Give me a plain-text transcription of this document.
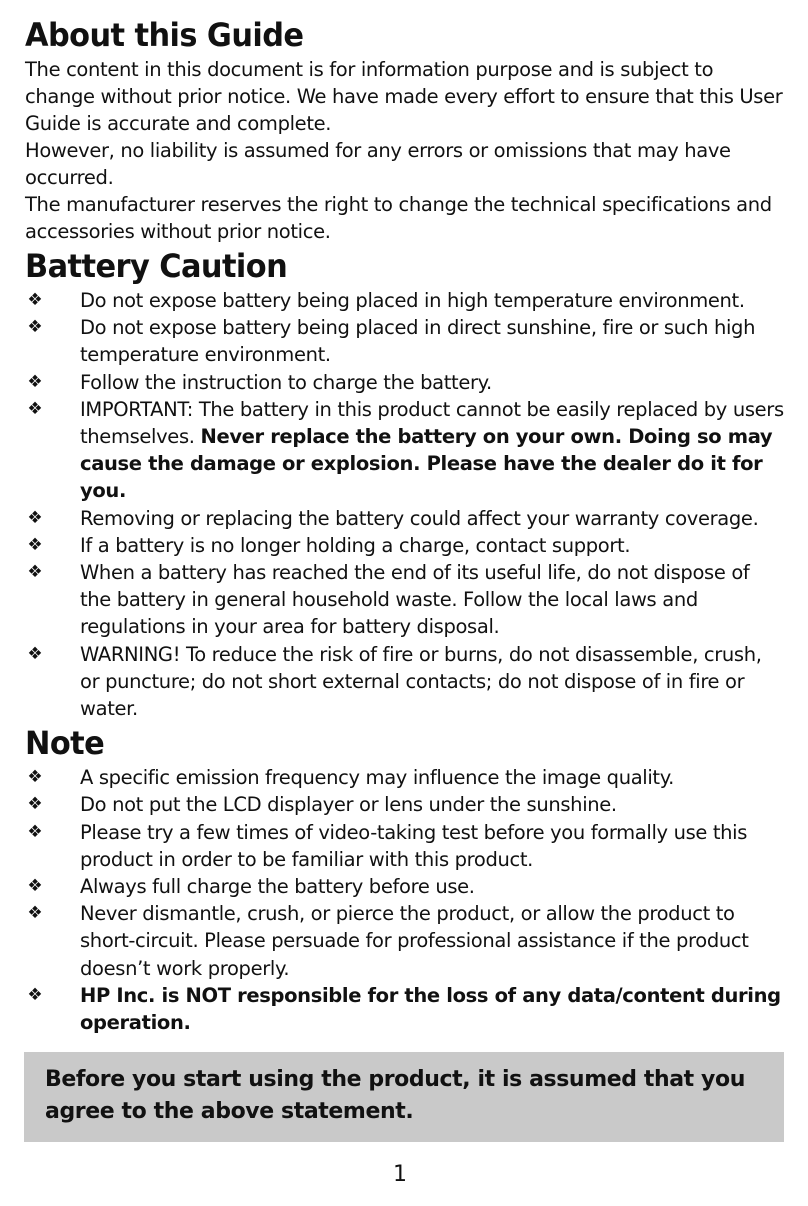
About this Guide

The content in this document is for information purpose and is subject to change without prior notice. We have made every effort to ensure that this User Guide is accurate and complete.

However, no liability is assumed for any errors or omissions that may have occurred.

The manufacturer reserves the right to change the technical specifications and accessories without prior notice.

Battery Caution
❖ Do not expose battery being placed in high temperature environment.
❖ Do not expose battery being placed in direct sunshine, fire or such high temperature environment.
❖ Follow the instruction to charge the battery.
❖ IMPORTANT: The battery in this product cannot be easily replaced by users themselves. Never replace the battery on your own. Doing so may cause the damage or explosion. Please have the dealer do it for you.
❖ Removing or replacing the battery could affect your warranty coverage.
❖ If a battery is no longer holding a charge, contact support.
❖ When a battery has reached the end of its useful life, do not dispose of the battery in general household waste. Follow the local laws and regulations in your area for battery disposal.
❖ WARNING! To reduce the risk of fire or burns, do not disassemble, crush, or puncture; do not short external contacts; do not dispose of in fire or water.
Note
❖ A specific emission frequency may influence the image quality.
❖ Do not put the LCD displayer or lens under the sunshine.
❖ Please try a few times of video-taking test before you formally use this product in order to be familiar with this product.
❖ Always full charge the battery before use.
❖ Never dismantle, crush, or pierce the product, or allow the product to short-circuit. Please persuade for professional assistance if the product doesn’t work properly.
❖ HP Inc. is NOT responsible for the loss of any data/content during operation.

Before you start using the product, it is assumed that you agree to the above statement.

1
